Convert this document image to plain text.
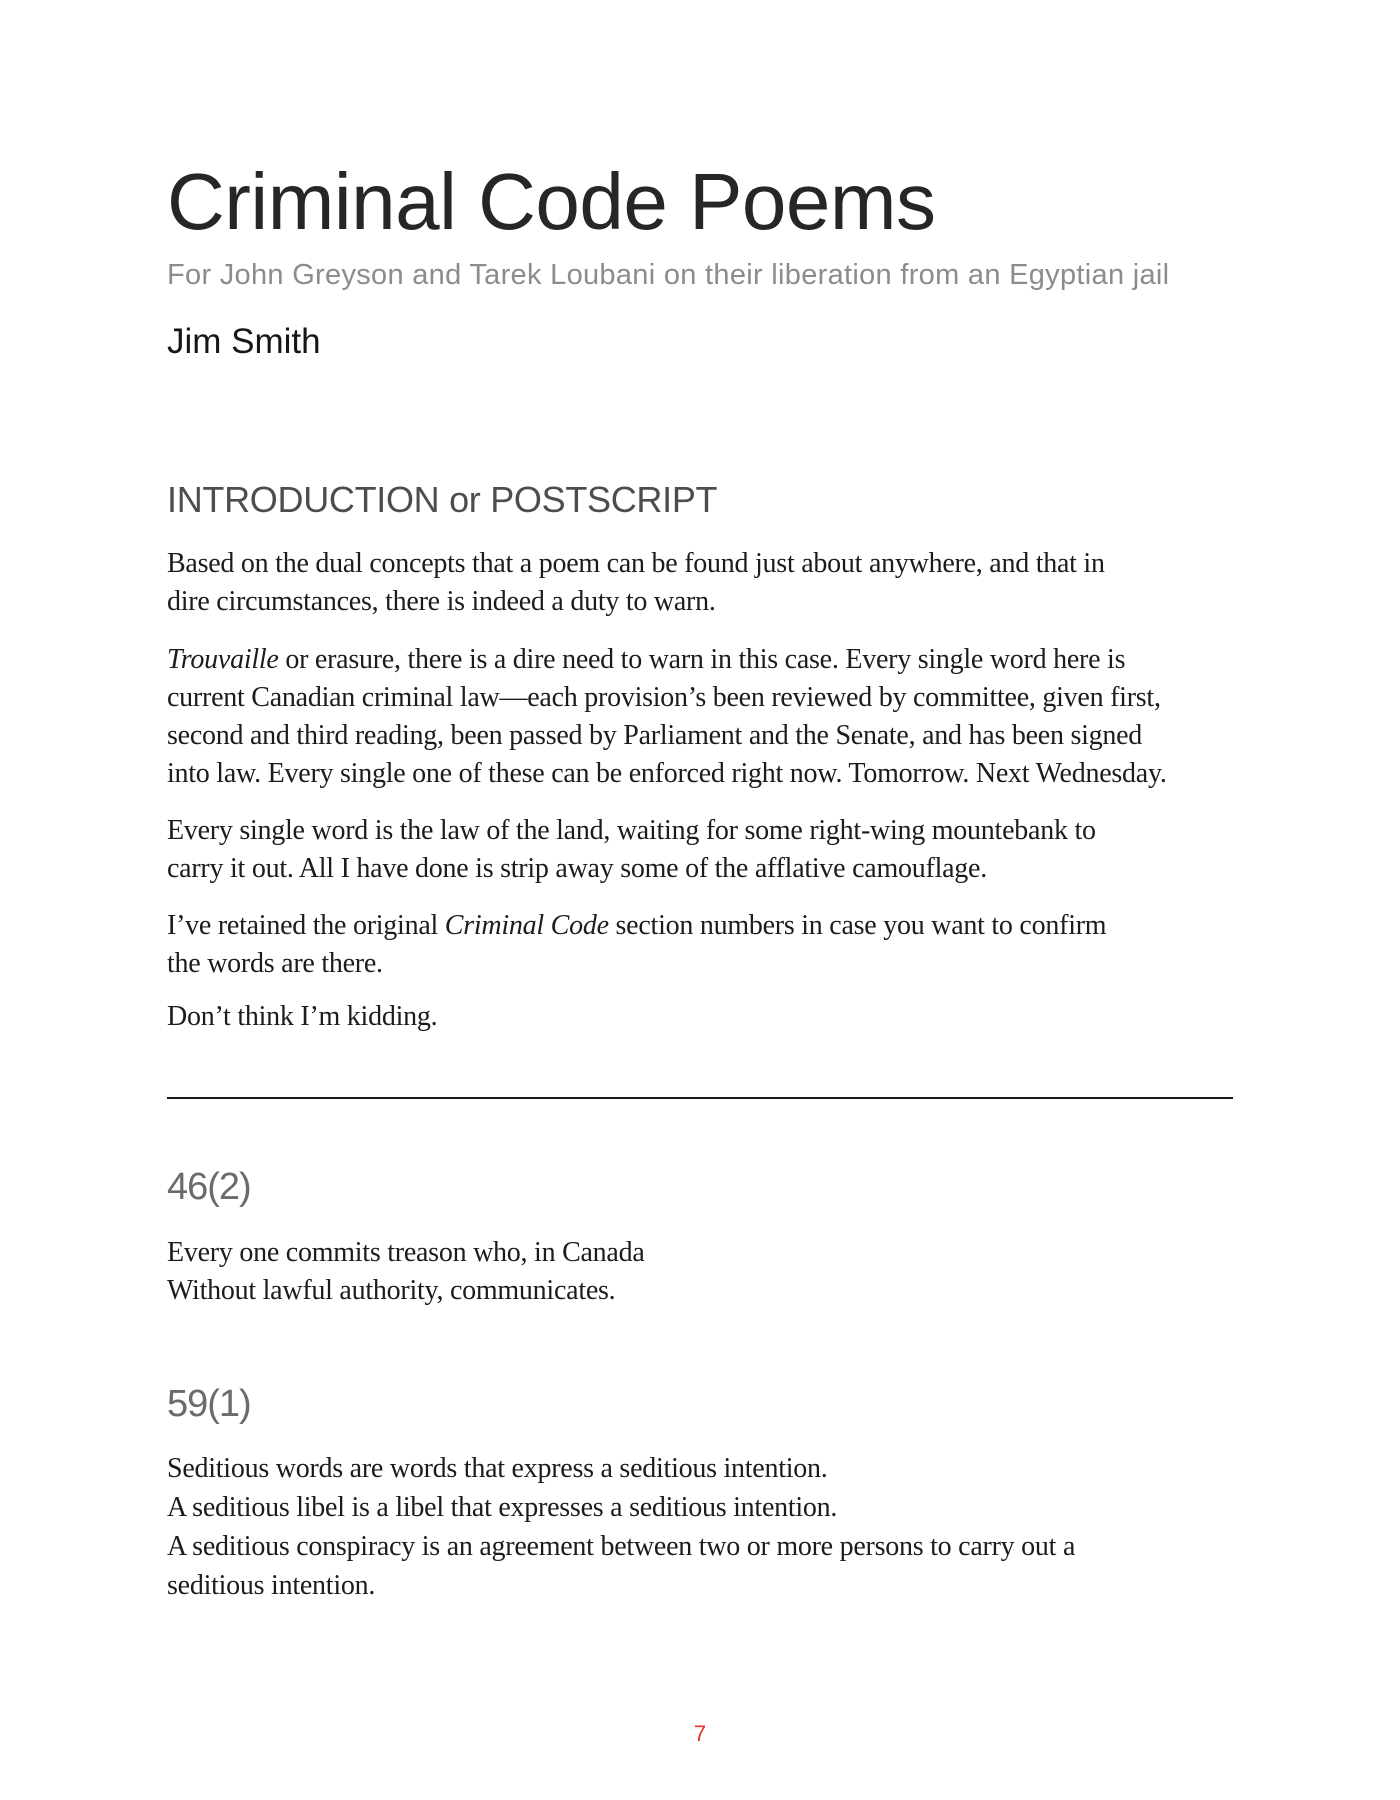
Criminal Code Poems
For John Greyson and Tarek Loubani on their liberation from an Egyptian jail
Jim Smith
INTRODUCTION or POSTSCRIPT
Based on the dual concepts that a poem can be found just about anywhere, and that in
dire circumstances, there is indeed a duty to warn.
Trouvaille or erasure, there is a dire need to warn in this case. Every single word here is
current Canadian criminal law—each provision’s been reviewed by committee, given first,
second and third reading, been passed by Parliament and the Senate, and has been signed
into law. Every single one of these can be enforced right now. Tomorrow. Next Wednesday.
Every single word is the law of the land, waiting for some right-wing mountebank to
carry it out. All I have done is strip away some of the afflative camouflage.
I’ve retained the original Criminal Code section numbers in case you want to confirm
the words are there.
Don’t think I’m kidding.
46(2)
Every one commits treason who, in Canada
Without lawful authority, communicates.
59(1)
Seditious words are words that express a seditious intention.
A seditious libel is a libel that expresses a seditious intention.
A seditious conspiracy is an agreement between two or more persons to carry out a
seditious intention.
7
